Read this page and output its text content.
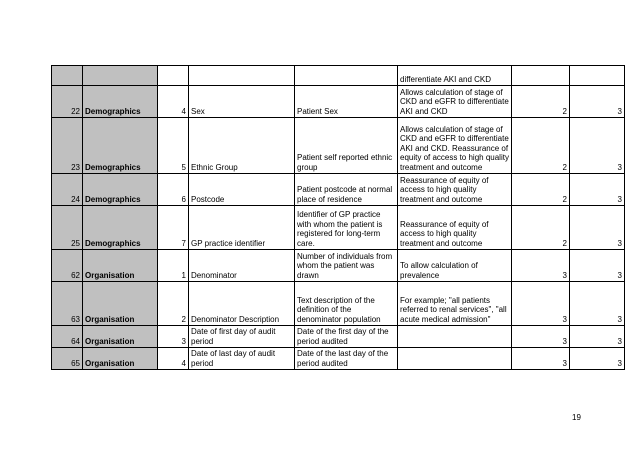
					differentiate AKI and CKD		
22	Demographics	4	Sex	Patient Sex	Allows calculation of stage of CKD and eGFR to differentiate AKI and CKD	2	3
23	Demographics	5	Ethnic Group	Patient self reported ethnic group	Allows calculation of stage of CKD and eGFR to differentiate AKI and CKD. Reassurance of equity of access to high quality treatment and outcome	2	3
24	Demographics	6	Postcode	Patient postcode at normal place of residence	Reassurance of equity of access to high quality treatment and outcome	2	3
25	Demographics	7	GP practice identifier	Identifier of GP practice with whom the patient is registered for long-term care.	Reassurance of equity of access to high quality treatment and outcome	2	3
62	Organisation	1	Denominator	Number of individuals from whom the patient was drawn	To allow calculation of prevalence	3	3
63	Organisation	2	Denominator Description	Text description of the definition of the denominator population	For example; "all patients referred to renal services", "all acute medical admission"	3	3
64	Organisation	3	Date of first day of audit period	Date of the first day of the period audited		3	3
65	Organisation	4	Date of last day of audit period	Date of the last day of the period audited		3	3
19
